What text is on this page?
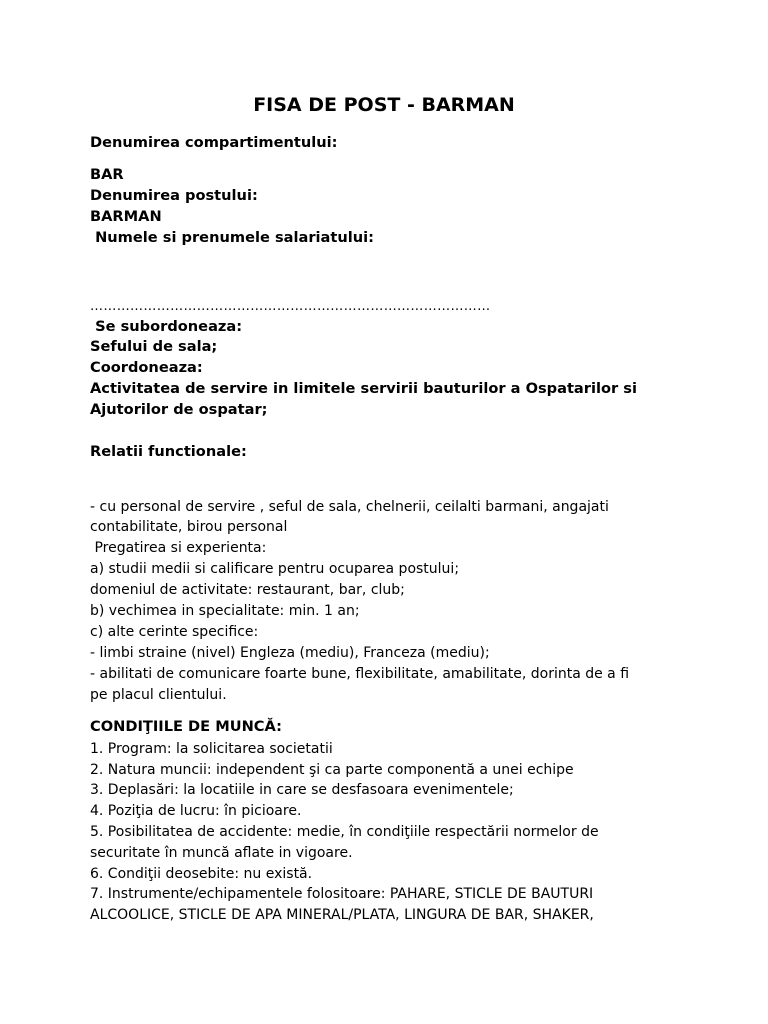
FISA DE POST - BARMAN
Denumirea compartimentului:
BAR
Denumirea postului:
BARMAN
Numele si prenumele salariatului:
………………………………………………………………………………
Se subordoneaza:
Sefului de sala;
Coordoneaza:
Activitatea de servire in limitele servirii bauturilor a Ospatarilor si
Ajutorilor de ospatar;
Relatii functionale:
- cu personal de servire , seful de sala, chelnerii, ceilalti barmani, angajati
contabilitate, birou personal
Pregatirea si experienta:
a) studii medii si calificare pentru ocuparea postului;
domeniul de activitate: restaurant, bar, club;
b) vechimea in specialitate: min. 1 an;
c) alte cerinte specifice:
- limbi straine (nivel) Engleza (mediu), Franceza (mediu);
- abilitati de comunicare foarte bune, flexibilitate, amabilitate, dorinta de a fi
pe placul clientului.
CONDIŢIILE DE MUNCĂ:
1. Program: la solicitarea societatii
2. Natura muncii: independent şi ca parte componentă a unei echipe
3. Deplasări: la locatiile in care se desfasoara evenimentele;
4. Poziţia de lucru: în picioare.
5. Posibilitatea de accidente: medie, în condiţiile respectării normelor de
securitate în muncă aflate in vigoare.
6. Condiţii deosebite: nu există.
7. Instrumente/echipamentele folositoare: PAHARE, STICLE DE BAUTURI
ALCOOLICE, STICLE DE APA MINERAL/PLATA, LINGURA DE BAR, SHAKER,
